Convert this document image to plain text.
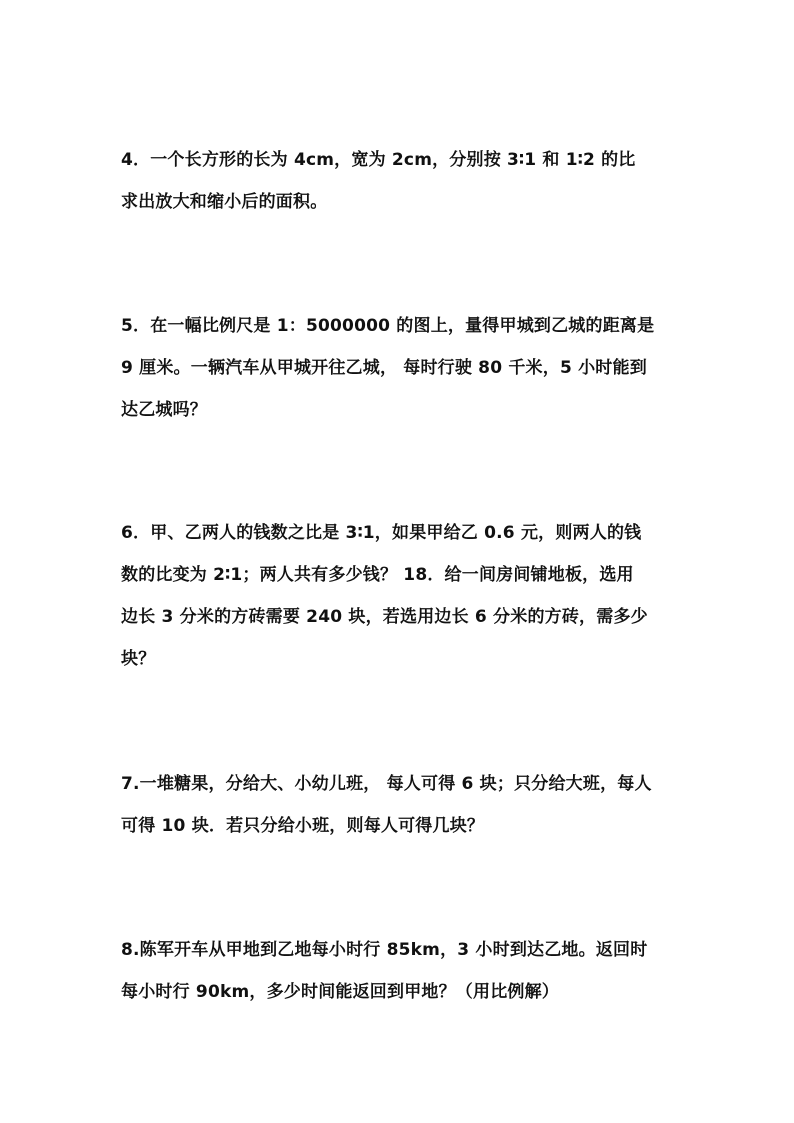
4．一个长方形的长为 4cm，宽为 2cm，分别按 3∶1 和 1∶2 的比
求出放大和缩小后的面积。
5．在一幅比例尺是 1：5000000 的图上，量得甲城到乙城的距离是
9 厘米。一辆汽车从甲城开往乙城， 每时行驶 80 千米，5 小时能到
达乙城吗？
6．甲、乙两人的钱数之比是 3∶1，如果甲给乙 0.6 元，则两人的钱
数的比变为 2∶1；两人共有多少钱？ 18．给一间房间铺地板，选用
边长 3 分米的方砖需要 240 块，若选用边长 6 分米的方砖，需多少
块？
7.一堆糖果，分给大、小幼儿班， 每人可得 6 块；只分给大班，每人
可得 10 块．若只分给小班，则每人可得几块？
8.陈军开车从甲地到乙地每小时行 85km，3 小时到达乙地。返回时
每小时行 90km，多少时间能返回到甲地？（用比例解）
